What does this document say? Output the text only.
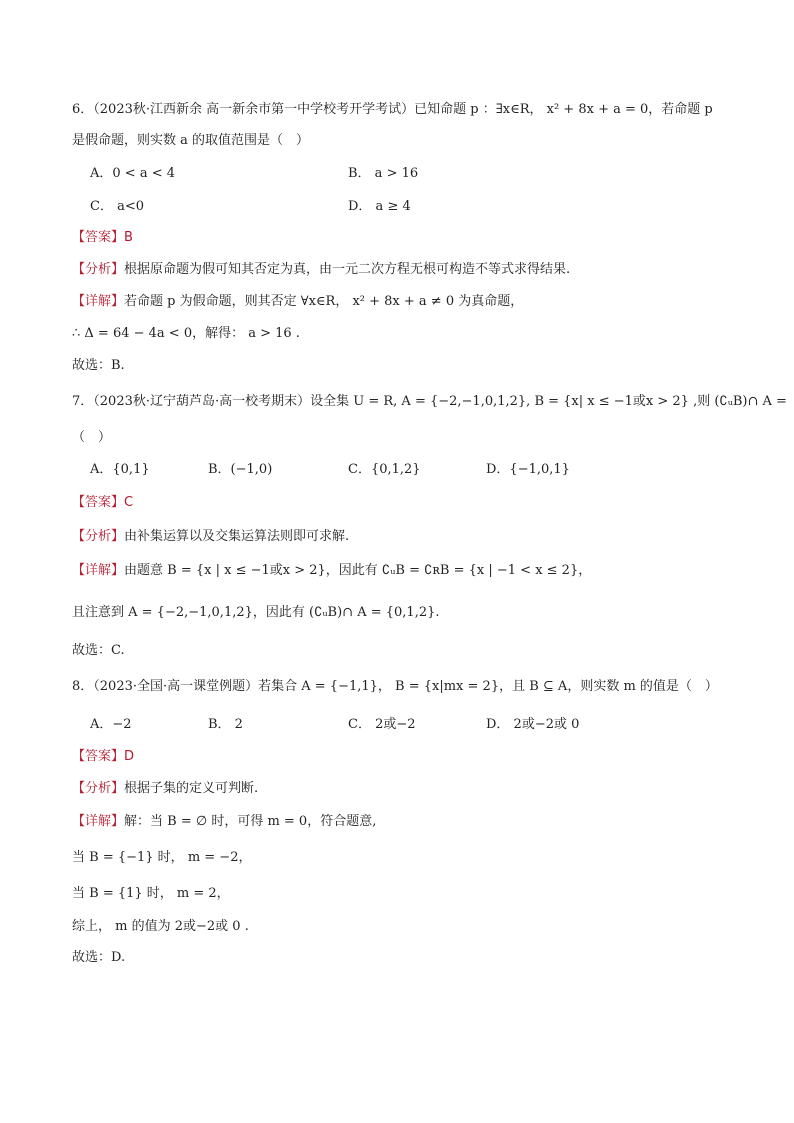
6．（2023秋·江西新余 高一新余市第一中学校考开学考试）已知命题 p ：∃x∈R， x² + 8x + a = 0，若命题 p
是假命题，则实数 a 的取值范围是（　）
A．0 < a < 4	B． a > 16
C． a<0	D． a ≥ 4
【答案】B
【分析】根据原命题为假可知其否定为真，由一元二次方程无根可构造不等式求得结果.
【详解】若命题 p 为假命题，则其否定 ∀x∈R， x² + 8x + a ≠ 0 为真命题，
∴ Δ = 64 − 4a < 0，解得： a > 16 .
故选：B.
7．（2023秋·辽宁葫芦岛·高一校考期末）设全集 U = R, A = {−2,−1,0,1,2}, B = {x| x ≤ −1或x > 2} ,则 (∁ᵤB)∩ A =
（　）
A．{0,1}	B．(−1,0)	C．{0,1,2}	D．{−1,0,1}
【答案】C
【分析】由补集运算以及交集运算法则即可求解.
【详解】由题意 B = {x | x ≤ −1或x > 2}，因此有 ∁ᵤB = ∁ʀB = {x | −1 < x ≤ 2}，
且注意到 A = {−2,−1,0,1,2}，因此有 (∁ᵤB)∩ A = {0,1,2}.
故选：C.
8．（2023·全国·高一课堂例题）若集合 A = {−1,1}， B = {x|mx = 2}，且 B ⊆ A，则实数 m 的值是（　）
A．−2	B． 2	C． 2或−2	D． 2或−2或 0
【答案】D
【分析】根据子集的定义可判断.
【详解】解：当 B = ∅ 时，可得 m = 0，符合题意,
当 B = {−1} 时， m = −2，
当 B = {1} 时， m = 2，
综上， m 的值为 2或−2或 0 .
故选：D.
